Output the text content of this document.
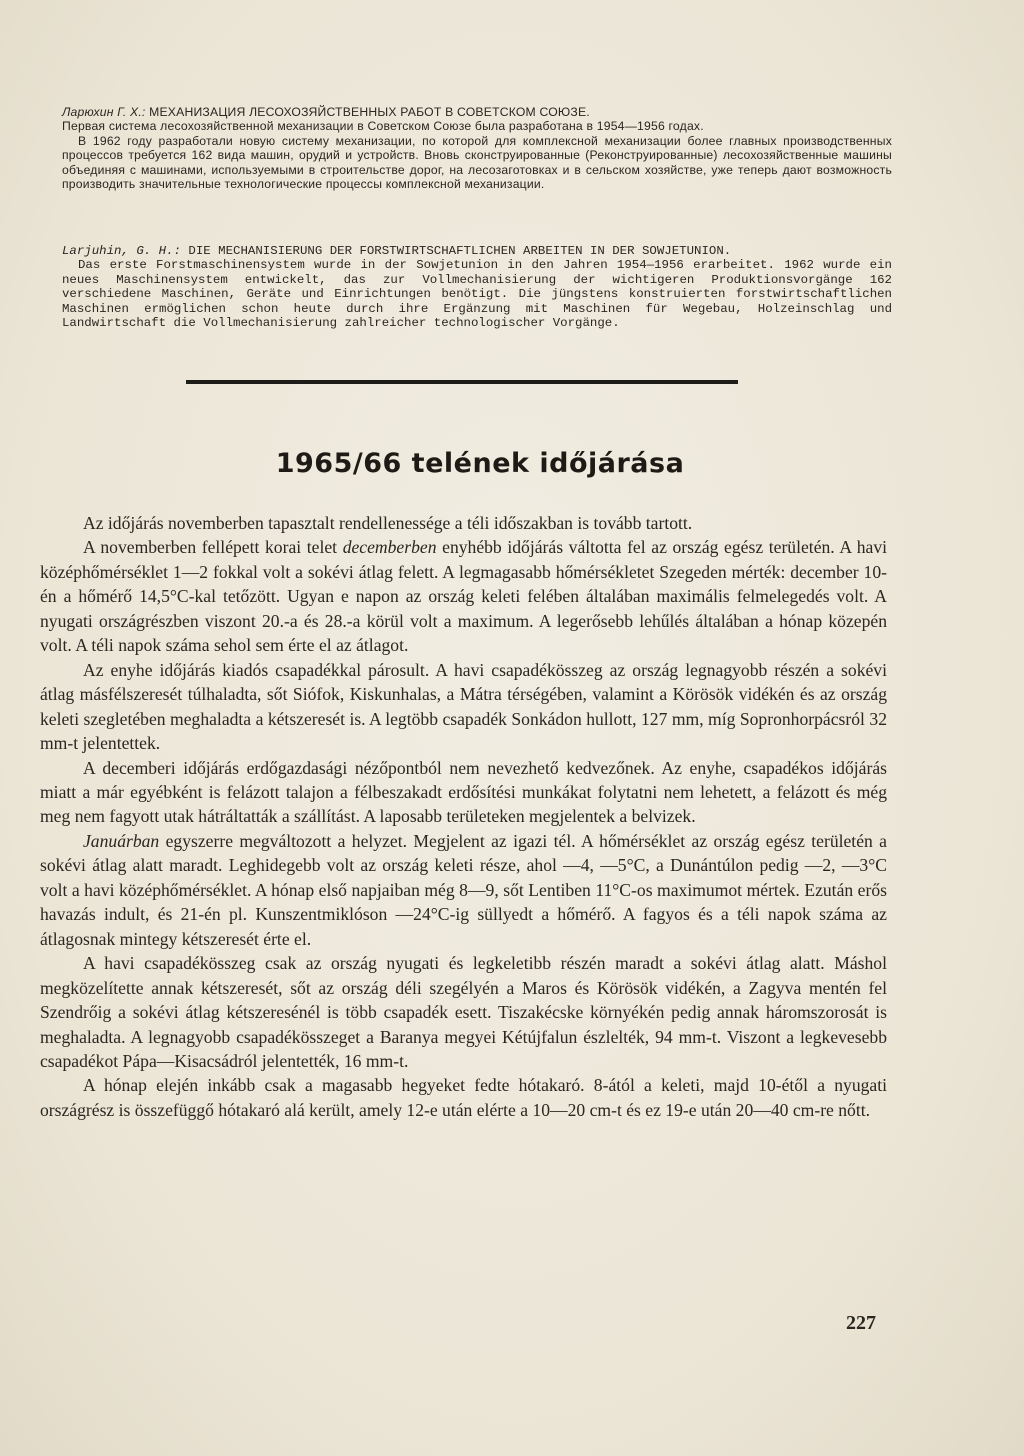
Ларюхин Г. Х.: МЕХАНИЗАЦИЯ ЛЕСОХОЗЯЙСТВЕННЫХ РАБОТ В СОВЕТСКОМ СОЮЗЕ.

Первая система лесохозяйственной механизации в Советском Союзе была разработана в 1954—1956 годах.

В 1962 году разработали новую систему механизации, по которой для комплексной механизации более главных производственных процессов требуется 162 вида машин, орудий и устройств. Вновь сконструированные (Реконструированные) лесохозяйственные машины объединяя с машинами, используемыми в строительстве дорог, на лесозаготовках и в сельском хозяйстве, уже теперь дают возможность производить значительные технологические процессы комплексной механизации.

Larjuhin, G. H.: DIE MECHANISIERUNG DER FORSTWIRTSCHAFTLICHEN ARBEITEN IN DER SOWJETUNION.

Das erste Forstmaschinensystem wurde in der Sowjetunion in den Jahren 1954—1956 erarbeitet. 1962 wurde ein neues Maschinensystem entwickelt, das zur Vollmechanisierung der wichtigeren Produktionsvorgänge 162 verschiedene Maschinen, Geräte und Einrichtungen benötigt. Die jüngstens konstruierten forstwirtschaftlichen Maschinen ermöglichen schon heute durch ihre Ergänzung mit Maschinen für Wegebau, Holzeinschlag und Landwirtschaft die Vollmechanisierung zahlreicher technologischer Vorgänge.

1965/66 telének időjárása

Az időjárás novemberben tapasztalt rendellenessége a téli időszakban is tovább tartott.

A novemberben fellépett korai telet decemberben enyhébb időjárás váltotta fel az ország egész területén. A havi középhőmérséklet 1—2 fokkal volt a sokévi átlag felett. A legmagasabb hőmérsékletet Szegeden mérték: december 10-én a hőmérő 14,5°C-kal tetőzött. Ugyan e napon az ország keleti felében általában maximális felmelegedés volt. A nyugati országrészben viszont 20.-a és 28.-a körül volt a maximum. A legerősebb lehűlés általában a hónap közepén volt. A téli napok száma sehol sem érte el az átlagot.

Az enyhe időjárás kiadós csapadékkal párosult. A havi csapadékösszeg az ország legnagyobb részén a sokévi átlag másfélszeresét túlhaladta, sőt Siófok, Kiskunhalas, a Mátra térségében, valamint a Körösök vidékén és az ország keleti szegletében meghaladta a kétszeresét is. A legtöbb csapadék Sonkádon hullott, 127 mm, míg Sopronhorpácsról 32 mm-t jelentettek.

A decemberi időjárás erdőgazdasági nézőpontból nem nevezhető kedvezőnek. Az enyhe, csapadékos időjárás miatt a már egyébként is felázott talajon a félbeszakadt erdősítési munkákat folytatni nem lehetett, a felázott és még meg nem fagyott utak hátráltatták a szállítást. A laposabb területeken megjelentek a belvizek.

Januárban egyszerre megváltozott a helyzet. Megjelent az igazi tél. A hőmérséklet az ország egész területén a sokévi átlag alatt maradt. Leghidegebb volt az ország keleti része, ahol —4, —5°C, a Dunántúlon pedig —2, —3°C volt a havi középhőmérséklet. A hónap első napjaiban még 8—9, sőt Lentiben 11°C-os maximumot mértek. Ezután erős havazás indult, és 21-én pl. Kunszentmiklóson —24°C-ig süllyedt a hőmérő. A fagyos és a téli napok száma az átlagosnak mintegy kétszeresét érte el.

A havi csapadékösszeg csak az ország nyugati és legkeletibb részén maradt a sokévi átlag alatt. Máshol megközelítette annak kétszeresét, sőt az ország déli szegélyén a Maros és Körösök vidékén, a Zagyva mentén fel Szendrőig a sokévi átlag kétszeresénél is több csapadék esett. Tiszakécske környékén pedig annak háromszorosát is meghaladta. A legnagyobb csapadékösszeget a Baranya megyei Kétújfalun észlelték, 94 mm-t. Viszont a legkevesebb csapadékot Pápa—Kisacsádról jelentették, 16 mm-t.

A hónap elején inkább csak a magasabb hegyeket fedte hótakaró. 8-ától a keleti, majd 10-étől a nyugati országrész is összefüggő hótakaró alá került, amely 12-e után elérte a 10—20 cm-t és ez 19-e után 20—40 cm-re nőtt.

227
